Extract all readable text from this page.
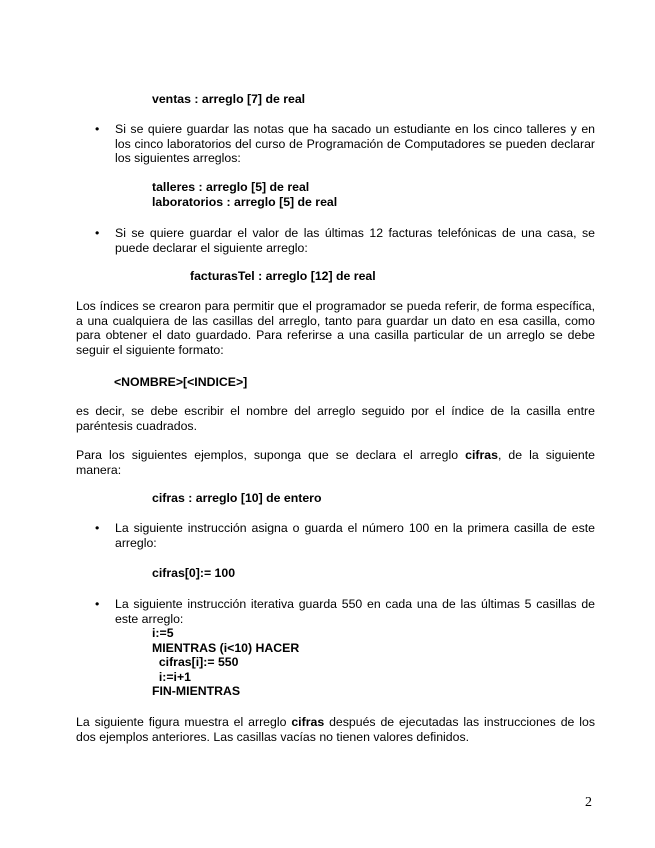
ventas : arreglo [7] de real
• Si se quiere guardar las notas que ha sacado un estudiante en los cinco talleres y en los cinco laboratorios del curso de Programación de Computadores se pueden declarar los siguientes arreglos:
talleres : arreglo [5] de real
laboratorios : arreglo [5] de real
• Si se quiere guardar el valor de las últimas 12 facturas telefónicas de una casa, se puede declarar el siguiente arreglo:
facturasTel : arreglo [12] de real
Los índices se crearon para permitir que el programador se pueda referir, de forma específica, a una cualquiera de las casillas del arreglo, tanto para guardar un dato en esa casilla, como para obtener el dato guardado. Para referirse a una casilla particular de un arreglo se debe seguir el siguiente formato:
<NOMBRE>[<INDICE>]
es decir, se debe escribir el nombre del arreglo seguido por el índice de la casilla entre paréntesis cuadrados.
Para los siguientes ejemplos, suponga que se declara el arreglo cifras, de la siguiente manera:
cifras : arreglo [10] de entero
• La siguiente instrucción asigna o guarda el número 100 en la primera casilla de este arreglo:
cifras[0]:= 100
• La siguiente instrucción iterativa guarda 550 en cada una de las últimas 5 casillas de este arreglo:
i:=5
MIENTRAS (i<10) HACER
cifras[i]:= 550
i:=i+1
FIN-MIENTRAS
La siguiente figura muestra el arreglo cifras después de ejecutadas las instrucciones de los dos ejemplos anteriores. Las casillas vacías no tienen valores definidos.
2
